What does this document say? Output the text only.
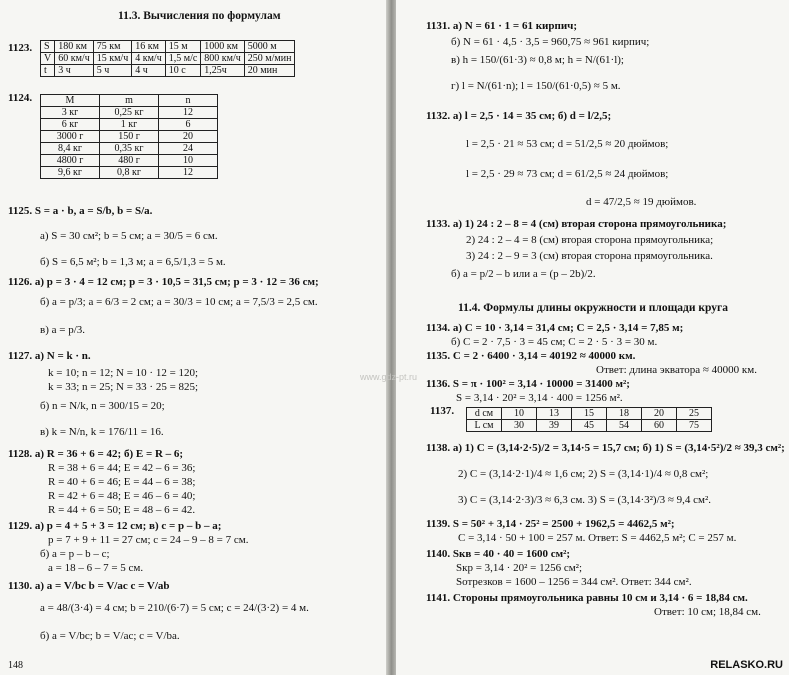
11.3. Вычисления по формулам
1123. S	180 км	75 км	16 км	15 м	1000 км	5000 м
V	60 км/ч	15 км/ч	4 км/ч	1,5 м/с	800 км/ч	250 м/мин
t	3 ч	5 ч	4 ч	10 с	1,25ч	20 мин
1124.	M	m	n
3 кг	0,25 кг	12
6 кг	1 кг	6
3000 г	150 г	20
8,4 кг	0,35 кг	24
4800 г	480 г	10
9,6 кг	0,8 кг	12
1125. S = a · b, a = S/b, b = S/a.
а) S = 30 см²; b = 5 см; a = 30/5 = 6 см.
б) S = 6,5 м²; b = 1,3 м; a = 6,5/1,3 = 5 м.
1126. а) p = 3 · 4 = 12 см; p = 3 · 10,5 = 31,5 см; p = 3 · 12 = 36 см;
б) a = p/3; a = 6/3 = 2 см; a = 30/3 = 10 см; a = 7,5/3 = 2,5 см.
в) a = p/3.
1127. а) N = k · n.
k = 10; n = 12; N = 10 · 12 = 120;
k = 33; n = 25; N = 33 · 25 = 825;
б) n = N/k, n = 300/15 = 20;
в) k = N/n, k = 176/11 = 16.
1128. а) R = 36 + 6 = 42; б) E = R – 6;
R = 38 + 6 = 44; E = 42 – 6 = 36;
R = 40 + 6 = 46; E = 44 – 6 = 38;
R = 42 + 6 = 48; E = 46 – 6 = 40;
R = 44 + 6 = 50; E = 48 – 6 = 42.
1129. а) p = 4 + 5 + 3 = 12 см; в) c = p – b – a;
p = 7 + 9 + 11 = 27 см; c = 24 – 9 – 8 = 7 см.
б) a = p – b – c;
a = 18 – 6 – 7 = 5 см.
1130. а) a = V/bc b = V/ac c = V/ab
a = 48/(3·4) = 4 см; b = 210/(6·7) = 5 см; c = 24/(3·2) = 4 м.
б) a = V/bc; b = V/ac; c = V/ba.
148
1131. а) N = 61 · 1 = 61 кирпич;
б) N = 61 · 4,5 · 3,5 = 960,75 ≈ 961 кирпич;
в) h = 150/(61·3) ≈ 0,8 м; h = N/(61·l);
г) l = N/(61·n); l = 150/(61·0,5) ≈ 5 м.
1132. а) l = 2,5 · 14 = 35 см; б) d = l/2,5;
l = 2,5 · 21 ≈ 53 см; d = 51/2,5 ≈ 20 дюймов;
l = 2,5 · 29 ≈ 73 см; d = 61/2,5 ≈ 24 дюймов;
d = 47/2,5 ≈ 19 дюймов.
1133. а) 1) 24 : 2 – 8 = 4 (см) вторая сторона прямоугольника;
2) 24 : 2 – 4 = 8 (см) вторая сторона прямоугольника;
3) 24 : 2 – 9 = 3 (см) вторая сторона прямоугольника.
б) a = p/2 – b или a = (p – 2b)/2.
11.4. Формулы длины окружности и площади круга
1134. а) C = 10 · 3,14 = 31,4 см; C = 2,5 · 3,14 = 7,85 м;
б) C = 2 · 7,5 · 3 = 45 см; C = 2 · 5 · 3 = 30 м.
1135. C = 2 · 6400 · 3,14 = 40192 ≈ 40000 км.
Ответ: длина экватора ≈ 40000 км.
1136. S = π · 100² = 3,14 · 10000 = 31400 м²;
S = 3,14 · 20² = 3,14 · 400 = 1256 м².
1137. d см	10	13	15	18	20	25
L см	30	39	45	54	60	75
1138. а) 1) C = (3,14·2·5)/2 = 3,14·5 = 15,7 см; б) 1) S = (3,14·5²)/2 ≈ 39,3 см²;
2) C = (3,14·2·1)/4 ≈ 1,6 см; 2) S = (3,14·1)/4 ≈ 0,8 см²;
3) C = (3,14·2·3)/3 ≈ 6,3 см. 3) S = (3,14·3²)/3 ≈ 9,4 см².
1139. S = 50² + 3,14 · 25² = 2500 + 1962,5 = 4462,5 м²;
C = 3,14 · 50 + 100 = 257 м. Ответ: S = 4462,5 м²; C = 257 м.
1140. Sкв = 40 · 40 = 1600 см²;
Sкр = 3,14 · 20² = 1256 см²;
Sотрезков = 1600 – 1256 = 344 см². Ответ: 344 см².
1141. Стороны прямоугольника равны 10 см и 3,14 · 6 = 18,84 см.
Ответ: 10 см; 18,84 см.
RELASKO.RU
www.gdz-pt.ru
